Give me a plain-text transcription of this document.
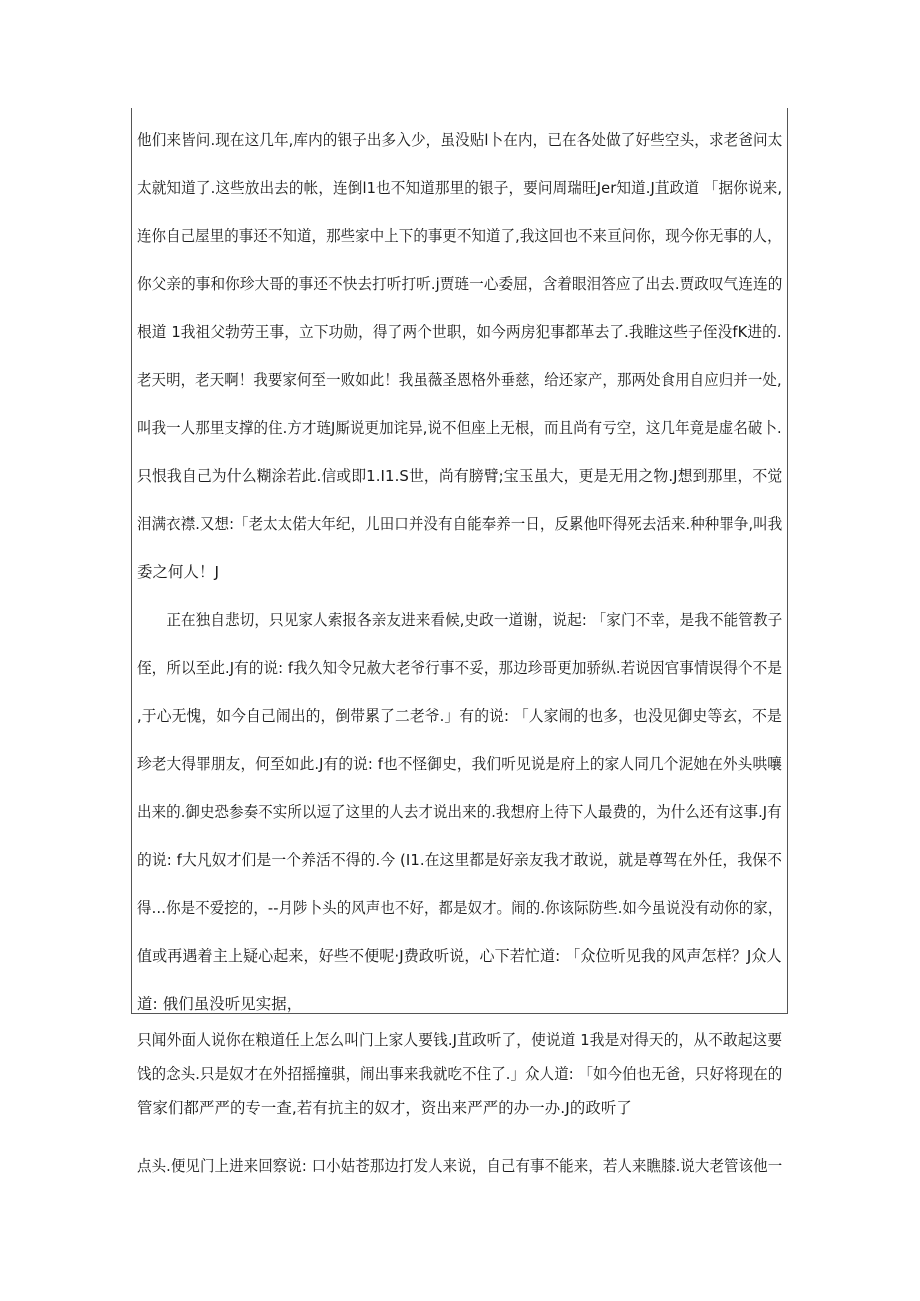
他们来皆问.现在这几年,库内的银子出多入少，虽没贴l卜在内，已在各处做了好些空头，求老爸问太
太就知道了.这些放出去的帐，连倒l1也不知道那里的银子，要问周瑞旺Jer知道.J苴政道 「据你说来,
连你自己屋里的事还不知道，那些家中上下的事更不知道了,我这回也不来亘问你，现今你无事的人，
你父亲的事和你珍大哥的事还不快去打听打听.j贾琏一心委屈，含着眼泪答应了出去.贾政叹气连连的
根道 1我祖父勃劳王事，立下功勋，得了两个世职，如今两房犯事都革去了.我睢这些子侄没fK进的.
老天明，老天啊！我要家何至一败如此！我虽薇圣恩格外垂慈，给还家产，那两处食用自应归并一处,
叫我一人那里支撑的住.方才琏J厮说更加诧异,说不但座上无根，而且尚有亏空，这几年竟是虚名破卜.
只恨我自己为什么糊涂若此.信或即1.I1.S世，尚有膀臂;宝玉虽大，更是无用之物.J想到那里，不觉
泪满衣襟.又想:「老太太偌大年纪，儿田口并没有自能奉养一日，反累他吓得死去活来.种种罪争,叫我
委之何人！J
　　正在独自悲切，只见家人索报各亲友进来看候,史政一道谢，说起: 「家门不幸，是我不能管教子
侄，所以至此.J有的说: f我久知令兄赦大老爷行事不妥，那边珍哥更加骄纵.若说因官事情误得个不是
,于心无愧，如今自己闹出的，倒带累了二老爷.」有的说: 「人家闹的也多，也没见御史等玄，不是
珍老大得罪朋友，何至如此.J有的说: f也不怪御史，我们听见说是府上的家人同几个泥她在外头哄嚷
出来的.御史恐参奏不实所以逗了这里的人去才说出来的.我想府上待下人最费的，为什么还有这事.J有
的说: f大凡奴才们是一个养活不得的.今 (I1.在这里都是好亲友我才敢说，就是尊驾在外任，我保不
得…你是不爱挖的，--月陟卜头的风声也不好，都是奴才。闹的.你该际防些.如今虽说没有动你的家，
值或再遇着主上疑心起来，好些不便呢·J费政听说，心下若忙道: 「众位听见我的风声怎样？J众人
道: 俄们虽没听见实据，
只闻外面人说你在粮道任上怎么叫门上家人要钱.J苴政听了，使说道 1我是对得天的，从不敢起这要
饯的念头.只是奴才在外招摇撞骐，闹出事来我就吃不住了.」众人道: 「如今伯也无爸，只好将现在的
管家们都严严的专一查,若有抗主的奴才，资出来严严的办一办.J的政听了
点头.便见门上进来回察说: 口小姑苍那边打发人来说，自己有事不能来，若人来瞧膝.说大老管该他一
